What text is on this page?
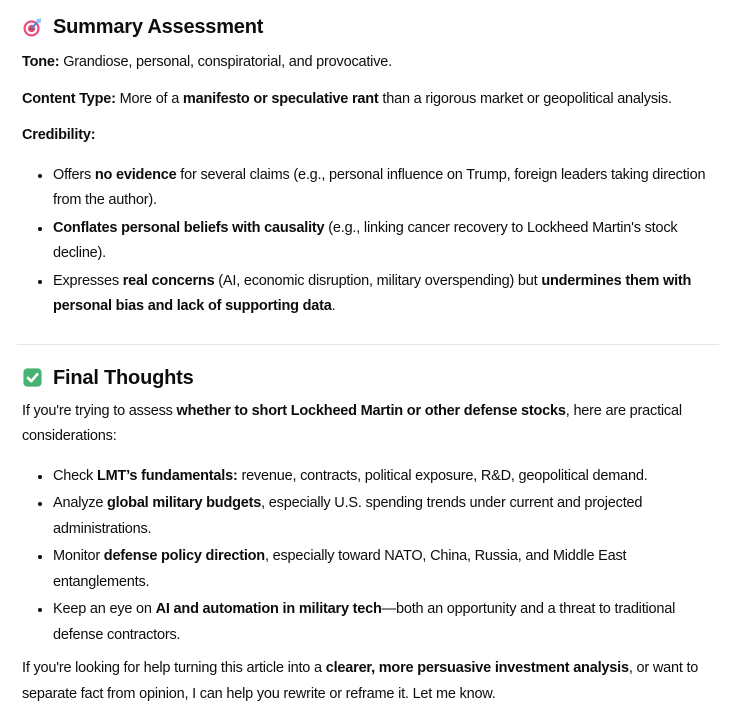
Summary Assessment

Tone: Grandiose, personal, conspiratorial, and provocative.

Content Type: More of a manifesto or speculative rant than a rigorous market or geopolitical analysis.

Credibility:

• Offers no evidence for several claims (e.g., personal influence on Trump, foreign leaders taking direction from the author).
• Conflates personal beliefs with causality (e.g., linking cancer recovery to Lockheed Martin's stock decline).
• Expresses real concerns (AI, economic disruption, military overspending) but undermines them with personal bias and lack of supporting data.
Final Thoughts

If you're trying to assess whether to short Lockheed Martin or other defense stocks, here are practical considerations:

• Check LMT’s fundamentals: revenue, contracts, political exposure, R&D, geopolitical demand.
• Analyze global military budgets, especially U.S. spending trends under current and projected administrations.
• Monitor defense policy direction, especially toward NATO, China, Russia, and Middle East entanglements.
• Keep an eye on AI and automation in military tech—both an opportunity and a threat to traditional defense contractors.

If you're looking for help turning this article into a clearer, more persuasive investment analysis, or want to separate fact from opinion, I can help you rewrite or reframe it. Let me know.
